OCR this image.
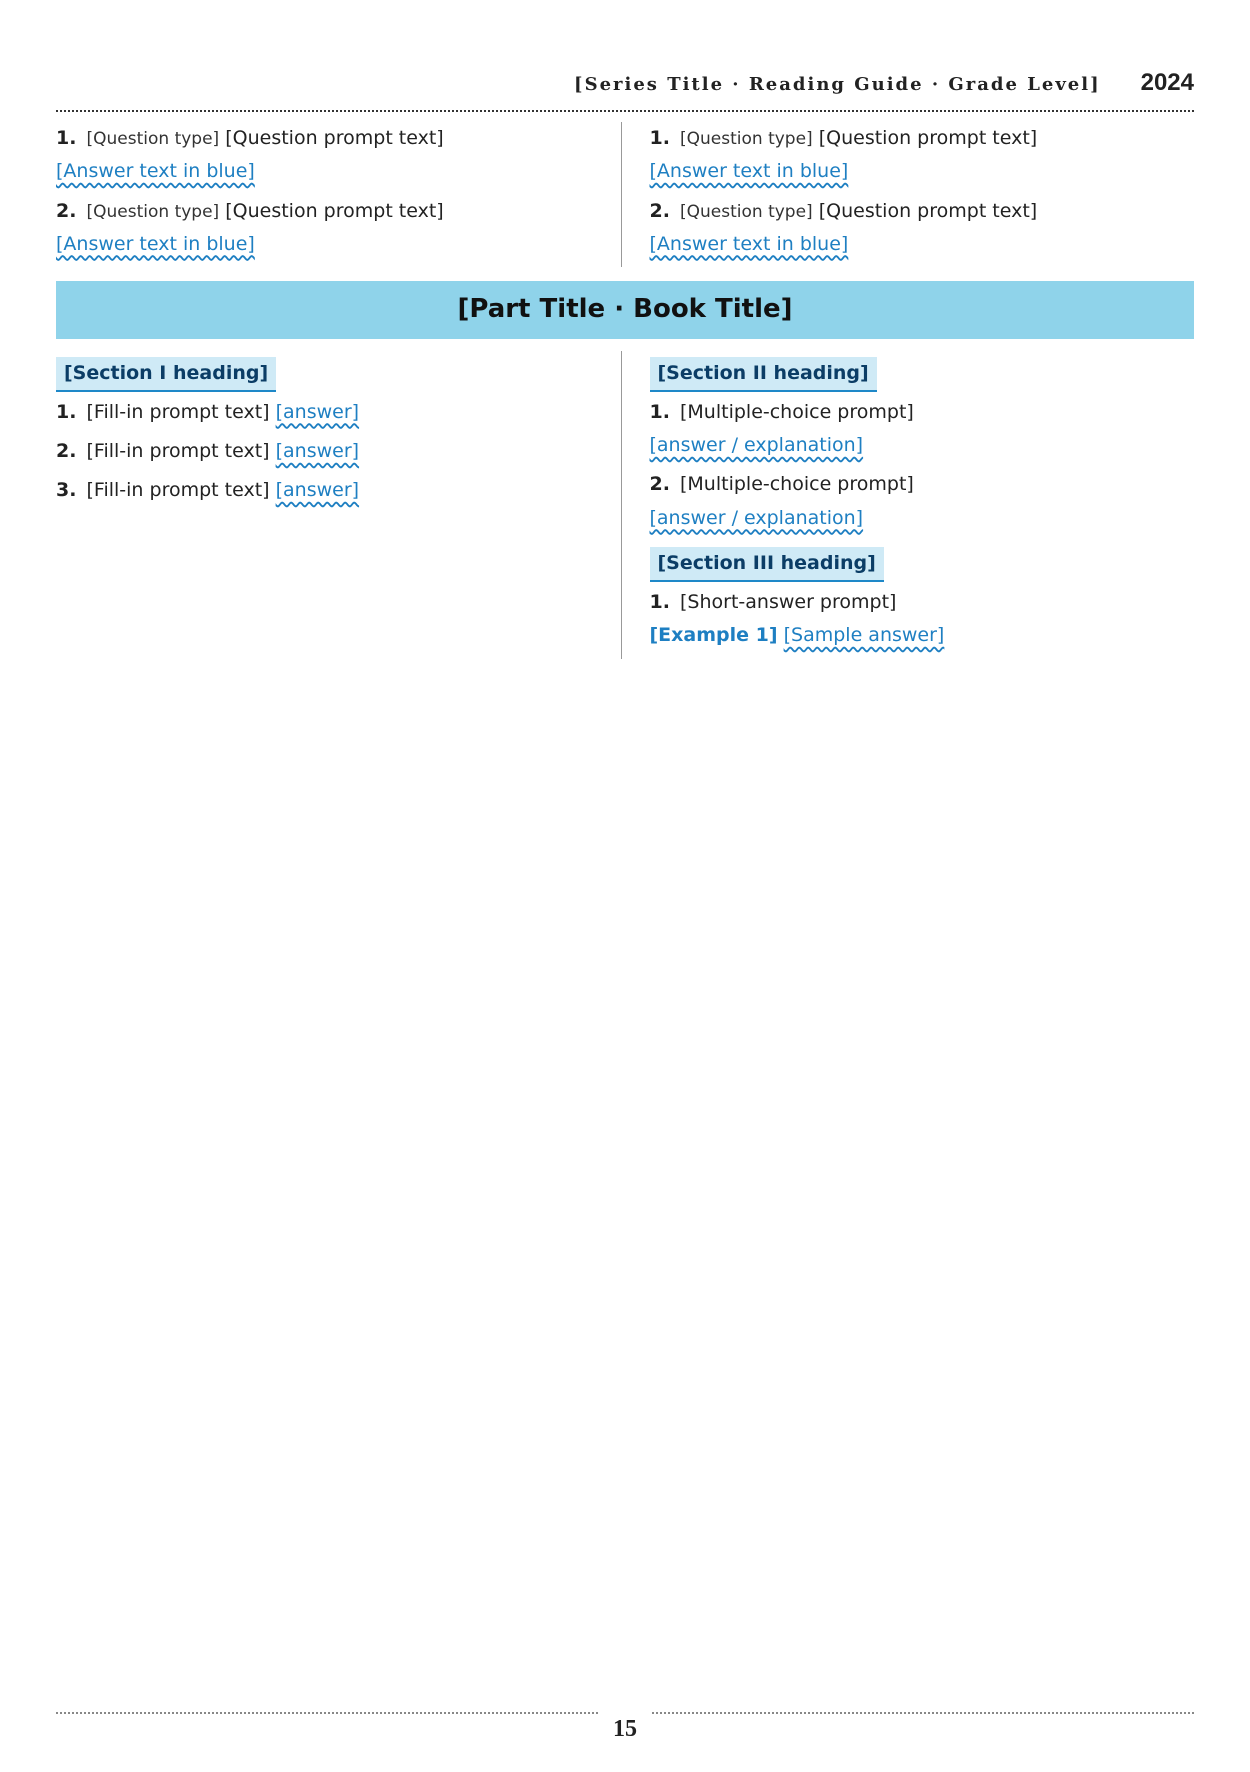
[Series Title · Reading Guide · Grade Level] 2024
1. [Question type] [Question prompt text]
[Answer text in blue]
2. [Question type] [Question prompt text]
[Answer text in blue]
1. [Question type] [Question prompt text]
[Answer text in blue]
2. [Question type] [Question prompt text]
[Answer text in blue]
[Part Title · Book Title]
[Section I heading]
1. [Fill-in prompt text] [answer]
2. [Fill-in prompt text] [answer]
3. [Fill-in prompt text] [answer]
[Section II heading]
1. [Multiple-choice prompt]
[answer / explanation]
2. [Multiple-choice prompt]
[answer / explanation]
[Section III heading]
1. [Short-answer prompt]
[Example 1] [Sample answer]
15
